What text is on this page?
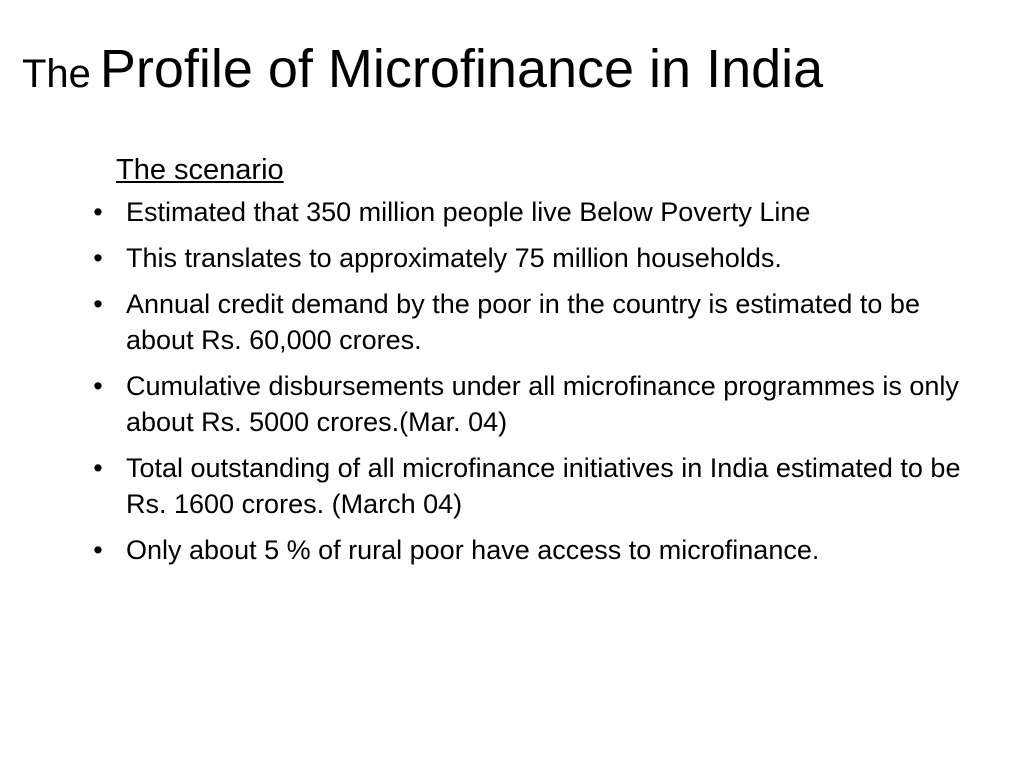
The Profile of Microfinance in India
The scenario
• Estimated that 350 million people live Below Poverty Line
• This translates to approximately 75 million households.
• Annual credit demand by the poor in the country is estimated to be about Rs. 60,000 crores.
• Cumulative disbursements under all microfinance programmes is only about Rs. 5000 crores.(Mar. 04)
• Total outstanding of all microfinance initiatives in India estimated to be Rs. 1600 crores. (March 04)
• Only about 5 % of rural poor have access to microfinance.
